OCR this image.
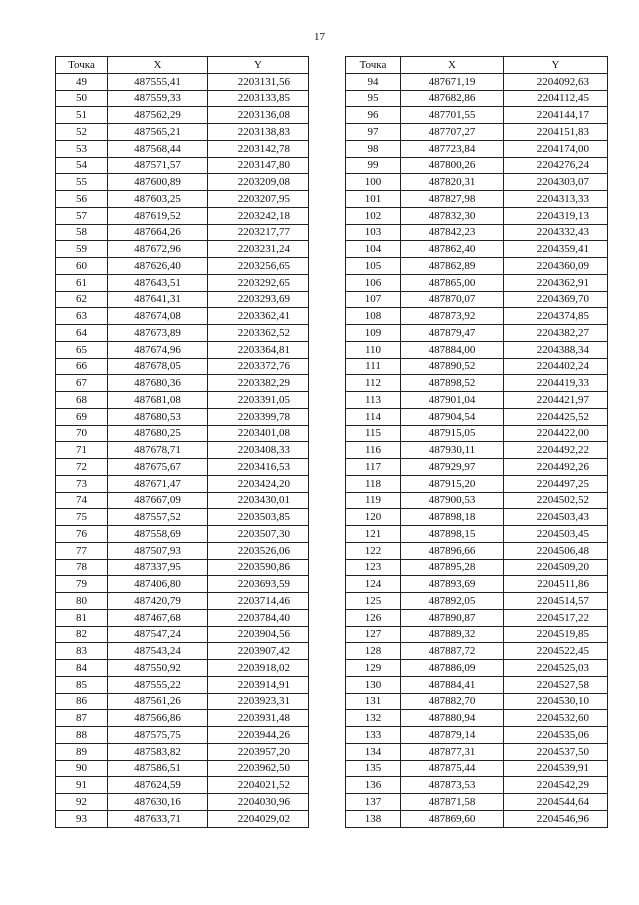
17
Точка	X	Y
49	487555,41	2203131,56
50	487559,33	2203133,85
51	487562,29	2203136,08
52	487565,21	2203138,83
53	487568,44	2203142,78
54	487571,57	2203147,80
55	487600,89	2203209,08
56	487603,25	2203207,95
57	487619,52	2203242,18
58	487664,26	2203217,77
59	487672,96	2203231,24
60	487626,40	2203256,65
61	487643,51	2203292,65
62	487641,31	2203293,69
63	487674,08	2203362,41
64	487673,89	2203362,52
65	487674,96	2203364,81
66	487678,05	2203372,76
67	487680,36	2203382,29
68	487681,08	2203391,05
69	487680,53	2203399,78
70	487680,25	2203401,08
71	487678,71	2203408,33
72	487675,67	2203416,53
73	487671,47	2203424,20
74	487667,09	2203430,01
75	487557,52	2203503,85
76	487558,69	2203507,30
77	487507,93	2203526,06
78	487337,95	2203590,86
79	487406,80	2203693,59
80	487420,79	2203714,46
81	487467,68	2203784,40
82	487547,24	2203904,56
83	487543,24	2203907,42
84	487550,92	2203918,02
85	487555,22	2203914,91
86	487561,26	2203923,31
87	487566,86	2203931,48
88	487575,75	2203944,26
89	487583,82	2203957,20
90	487586,51	2203962,50
91	487624,59	2204021,52
92	487630,16	2204030,96
93	487633,71	2204029,02
Точка	X	Y
94	487671,19	2204092,63
95	487682,86	2204112,45
96	487701,55	2204144,17
97	487707,27	2204151,83
98	487723,84	2204174,00
99	487800,26	2204276,24
100	487820,31	2204303,07
101	487827,98	2204313,33
102	487832,30	2204319,13
103	487842,23	2204332,43
104	487862,40	2204359,41
105	487862,89	2204360,09
106	487865,00	2204362,91
107	487870,07	2204369,70
108	487873,92	2204374,85
109	487879,47	2204382,27
110	487884,00	2204388,34
111	487890,52	2204402,24
112	487898,52	2204419,33
113	487901,04	2204421,97
114	487904,54	2204425,52
115	487915,05	2204422,00
116	487930,11	2204492,22
117	487929,97	2204492,26
118	487915,20	2204497,25
119	487900,53	2204502,52
120	487898,18	2204503,43
121	487898,15	2204503,45
122	487896,66	2204506,48
123	487895,28	2204509,20
124	487893,69	2204511,86
125	487892,05	2204514,57
126	487890,87	2204517,22
127	487889,32	2204519,85
128	487887,72	2204522,45
129	487886,09	2204525,03
130	487884,41	2204527,58
131	487882,70	2204530,10
132	487880,94	2204532,60
133	487879,14	2204535,06
134	487877,31	2204537,50
135	487875,44	2204539,91
136	487873,53	2204542,29
137	487871,58	2204544,64
138	487869,60	2204546,96
